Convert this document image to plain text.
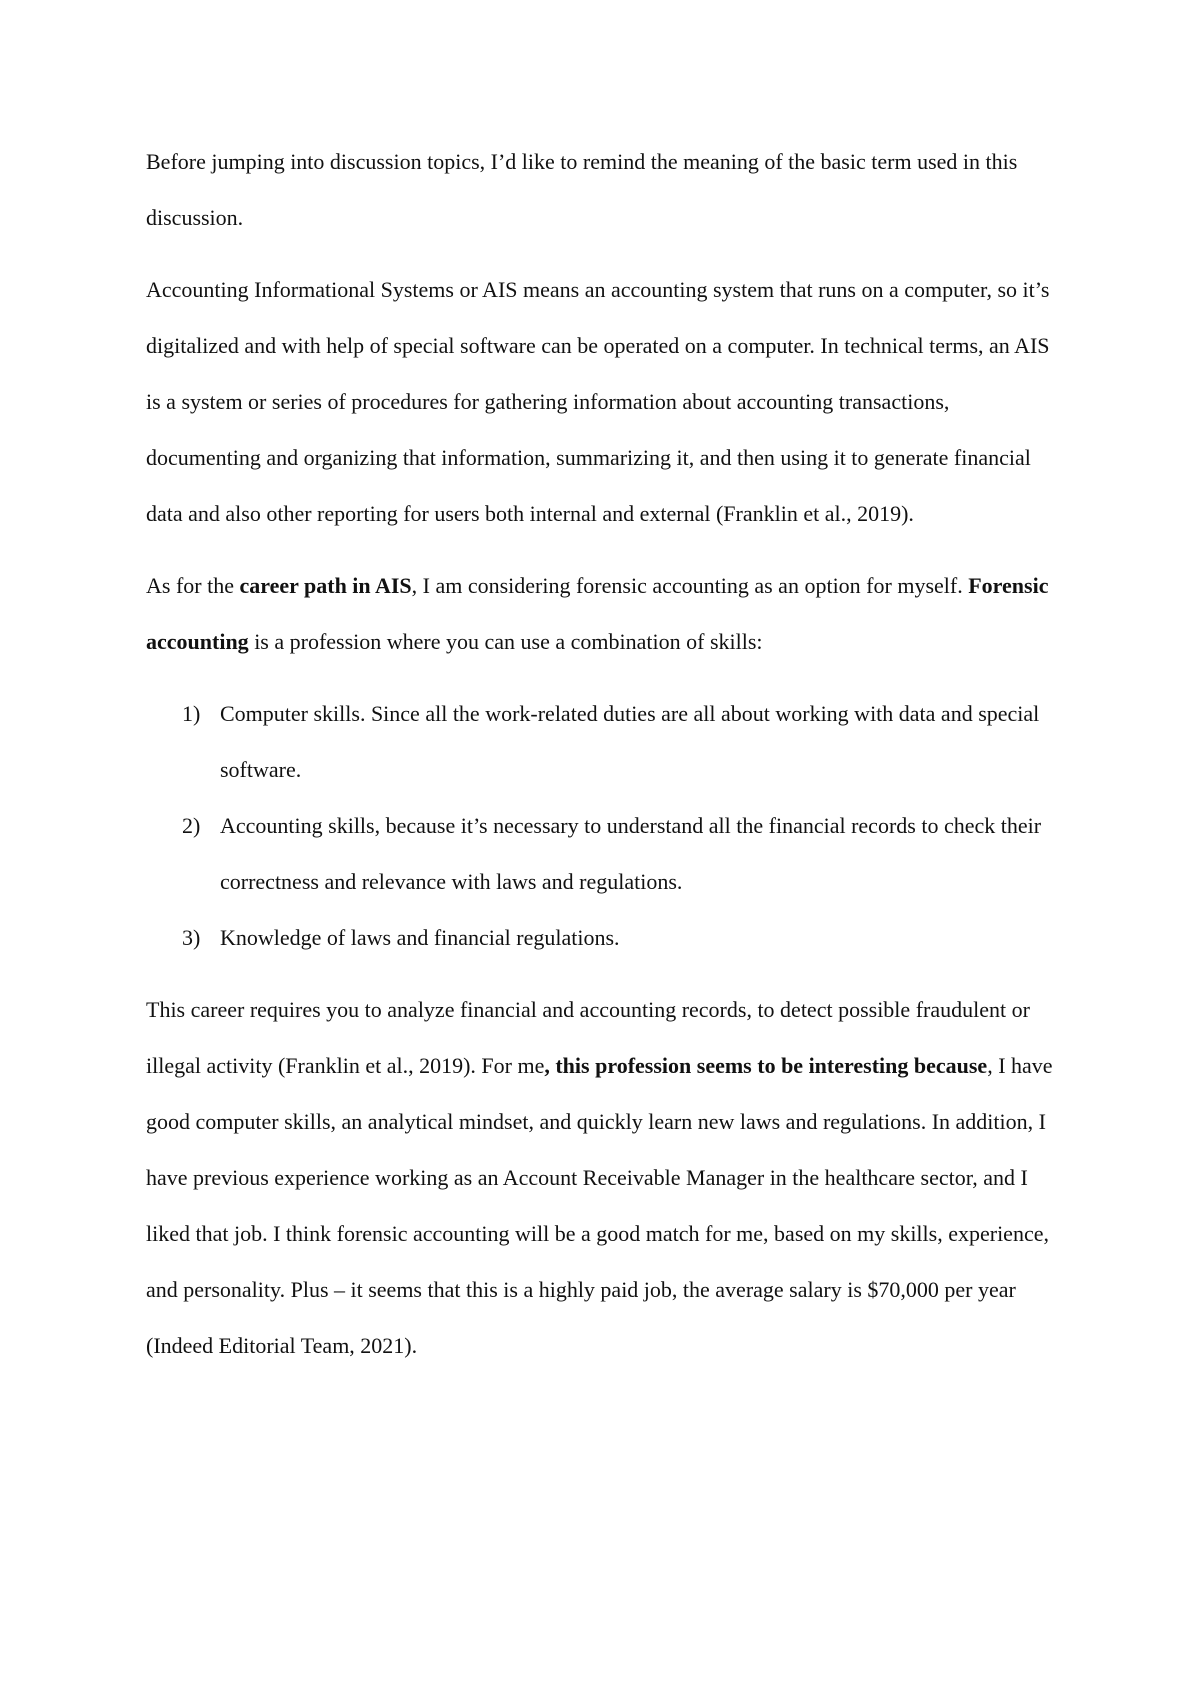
Before jumping into discussion topics, I’d like to remind the meaning of the basic term used in this discussion.

Accounting Informational Systems or AIS means an accounting system that runs on a computer, so it’s digitalized and with help of special software can be operated on a computer. In technical terms, an AIS is a system or series of procedures for gathering information about accounting transactions, documenting and organizing that information, summarizing it, and then using it to generate financial data and also other reporting for users both internal and external (Franklin et al., 2019).

As for the career path in AIS, I am considering forensic accounting as an option for myself. Forensic accounting is a profession where you can use a combination of skills:

1) Computer skills. Since all the work-related duties are all about working with data and special software.
2) Accounting skills, because it’s necessary to understand all the financial records to check their correctness and relevance with laws and regulations.
3) Knowledge of laws and financial regulations.

This career requires you to analyze financial and accounting records, to detect possible fraudulent or illegal activity (Franklin et al., 2019). For me, this profession seems to be interesting because, I have good computer skills, an analytical mindset, and quickly learn new laws and regulations. In addition, I have previous experience working as an Account Receivable Manager in the healthcare sector, and I liked that job. I think forensic accounting will be a good match for me, based on my skills, experience, and personality. Plus – it seems that this is a highly paid job, the average salary is $70,000 per year (Indeed Editorial Team, 2021).
